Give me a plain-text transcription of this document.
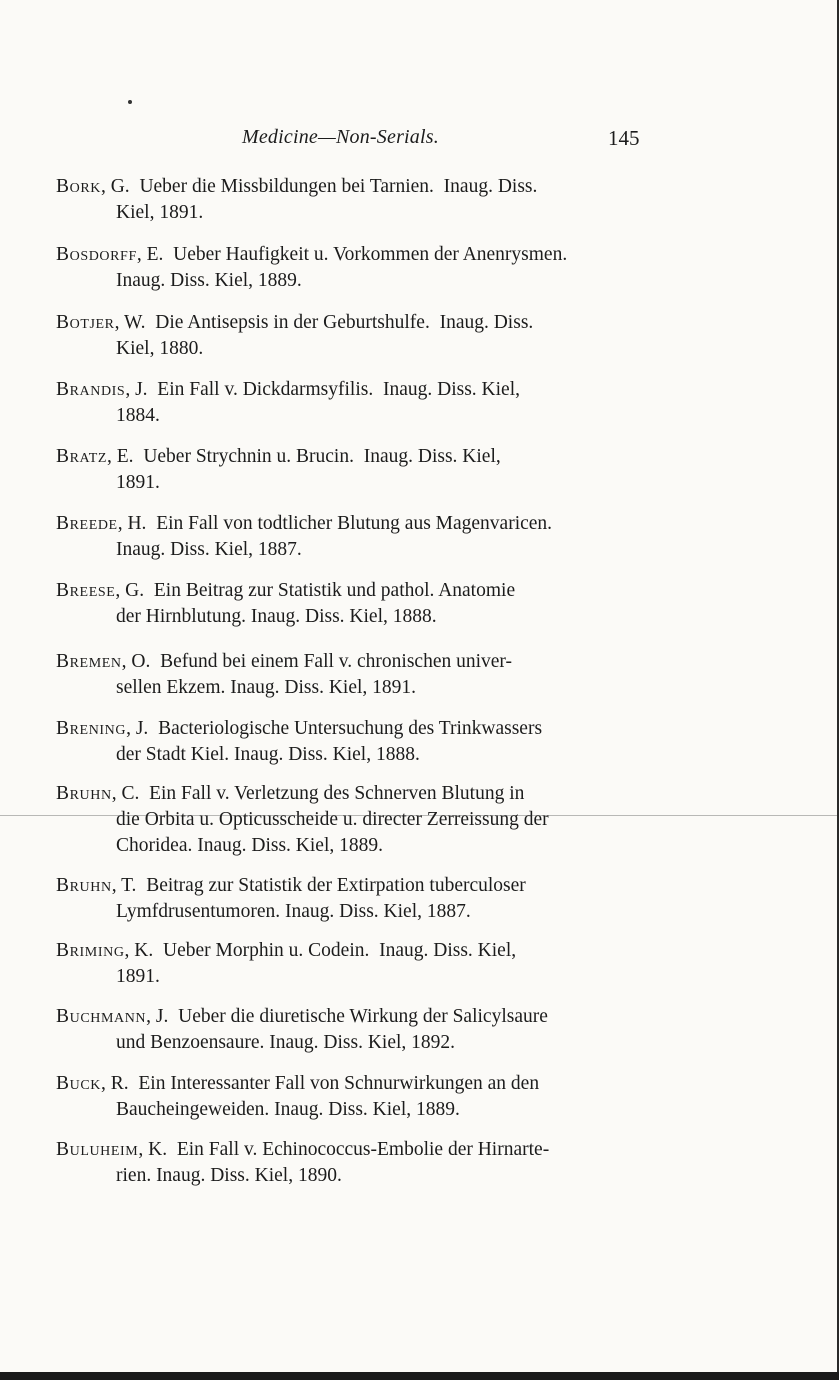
Medicine—Non-Serials.	145
Bork, G.  Ueber die Missbildungen bei Tarnien.  Inaug. Diss.
Kiel, 1891.
Bosdorff, E.  Ueber Haufigkeit u. Vorkommen der Anenrysmen.
Inaug. Diss. Kiel, 1889.
Botjer, W.  Die Antisepsis in der Geburtshulfe.  Inaug. Diss.
Kiel, 1880.
Brandis, J.  Ein Fall v. Dickdarmsyfilis.  Inaug. Diss. Kiel,
1884.
Bratz, E.  Ueber Strychnin u. Brucin.  Inaug. Diss. Kiel,
1891.
Breede, H.  Ein Fall von todtlicher Blutung aus Magenvaricen.
Inaug. Diss. Kiel, 1887.
Breese, G.  Ein Beitrag zur Statistik und pathol. Anatomie
der Hirnblutung. Inaug. Diss. Kiel, 1888.
Bremen, O.  Befund bei einem Fall v. chronischen univer-
sellen Ekzem. Inaug. Diss. Kiel, 1891.
Brening, J.  Bacteriologische Untersuchung des Trinkwassers
der Stadt Kiel. Inaug. Diss. Kiel, 1888.
Bruhn, C.  Ein Fall v. Verletzung des Schnerven Blutung in
die Orbita u. Opticusscheide u. directer Zerreissung der
Choridea. Inaug. Diss. Kiel, 1889.
Bruhn, T.  Beitrag zur Statistik der Extirpation tuberculoser
Lymfdrusentumoren. Inaug. Diss. Kiel, 1887.
Briming, K.  Ueber Morphin u. Codein.  Inaug. Diss. Kiel,
1891.
Buchmann, J.  Ueber die diuretische Wirkung der Salicylsaure
und Benzoensaure. Inaug. Diss. Kiel, 1892.
Buck, R.  Ein Interessanter Fall von Schnurwirkungen an den
Baucheingeweiden. Inaug. Diss. Kiel, 1889.
Buluheim, K.  Ein Fall v. Echinococcus-Embolie der Hirnarte-
rien. Inaug. Diss. Kiel, 1890.
